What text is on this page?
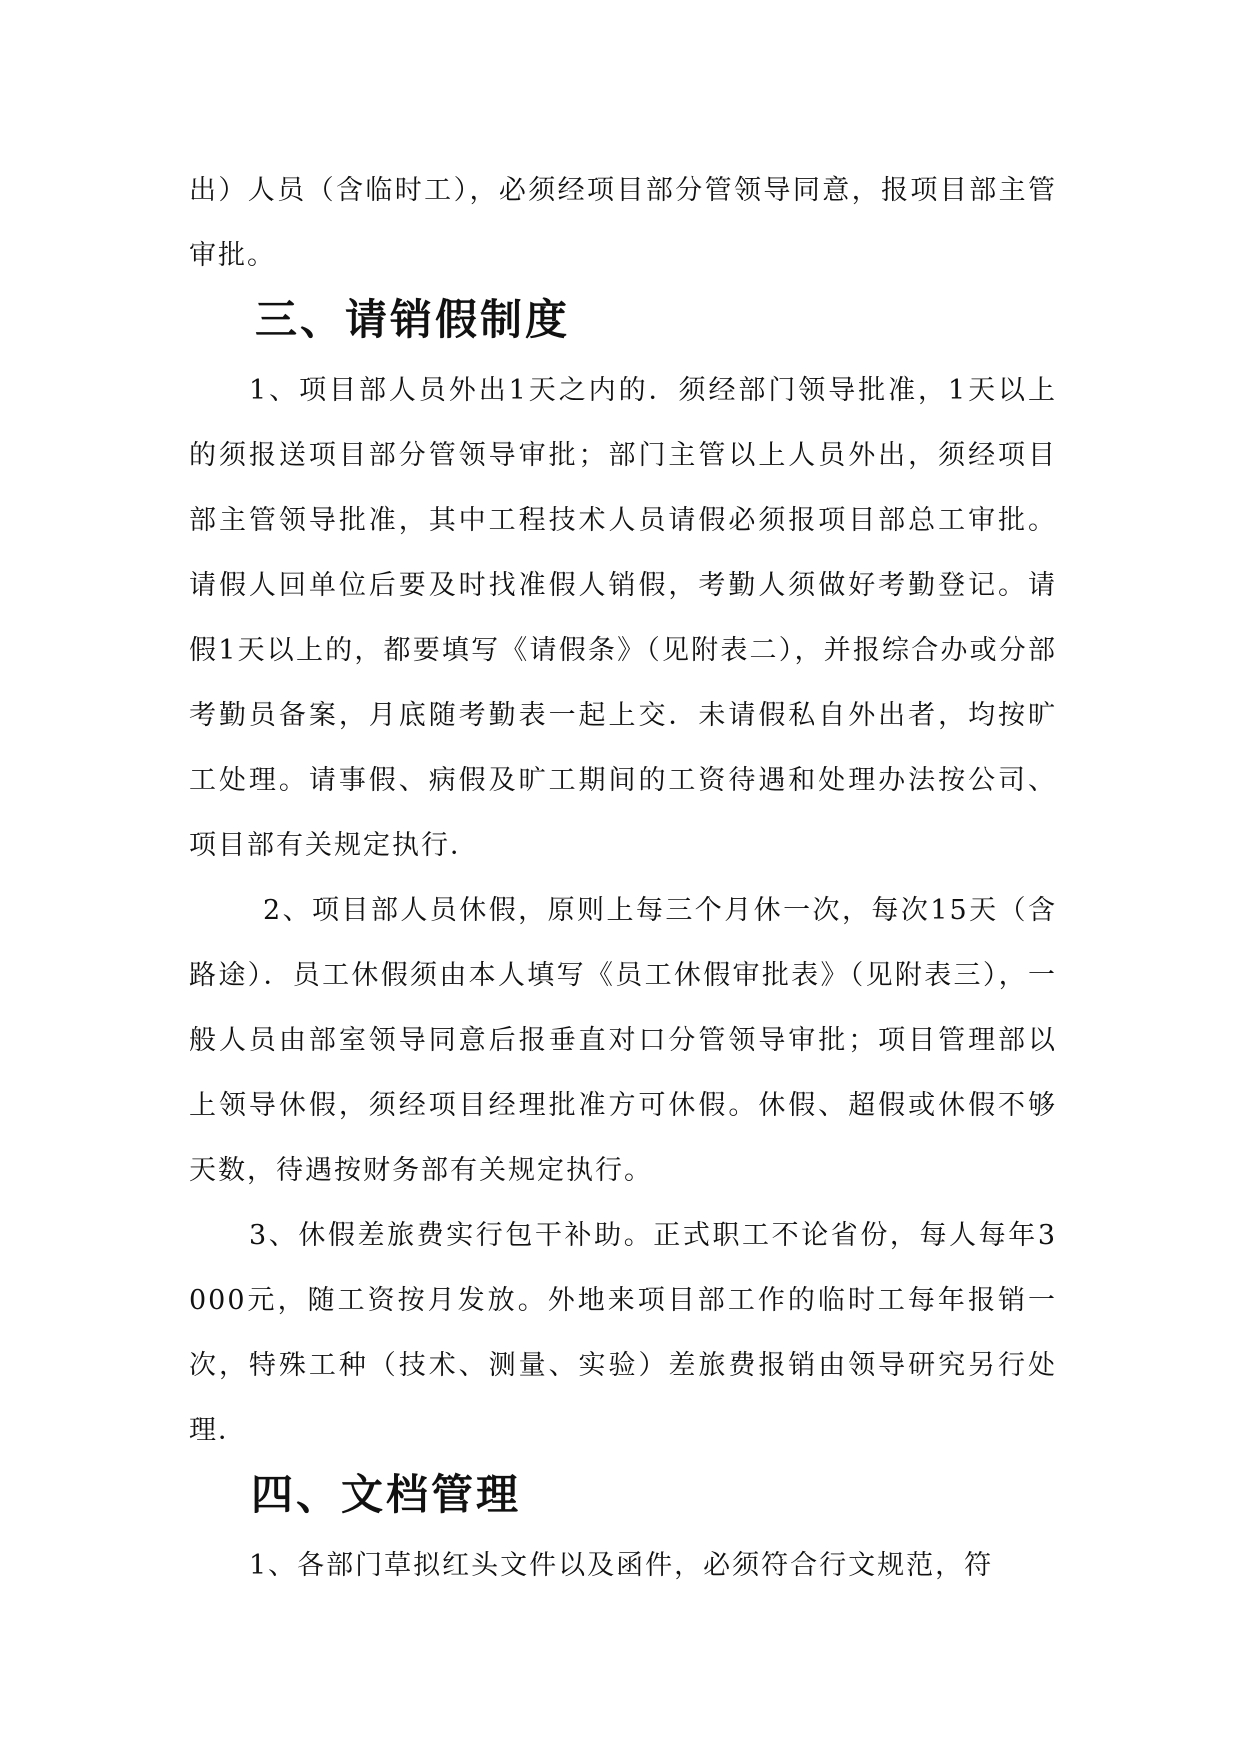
出）人员（含临时工），必须经项目部分管领导同意，报项目部主管审批。

三、请销假制度

1、项目部人员外出1天之内的．须经部门领导批准，1天以上的须报送项目部分管领导审批；部门主管以上人员外出，须经项目部主管领导批准，其中工程技术人员请假必须报项目部总工审批。请假人回单位后要及时找准假人销假，考勤人须做好考勤登记。请假1天以上的，都要填写《请假条》（见附表二），并报综合办或分部考勤员备案，月底随考勤表一起上交．未请假私自外出者，均按旷工处理。请事假、病假及旷工期间的工资待遇和处理办法按公司、项目部有关规定执行．

2、项目部人员休假，原则上每三个月休一次，每次15天（含路途）．员工休假须由本人填写《员工休假审批表》（见附表三），一般人员由部室领导同意后报垂直对口分管领导审批；项目管理部以上领导休假，须经项目经理批准方可休假。休假、超假或休假不够天数，待遇按财务部有关规定执行。

3、休假差旅费实行包干补助。正式职工不论省份，每人每年3000元，随工资按月发放。外地来项目部工作的临时工每年报销一次，特殊工种（技术、测量、实验）差旅费报销由领导研究另行处理．

四、文档管理

1、各部门草拟红头文件以及函件，必须符合行文规范，符
